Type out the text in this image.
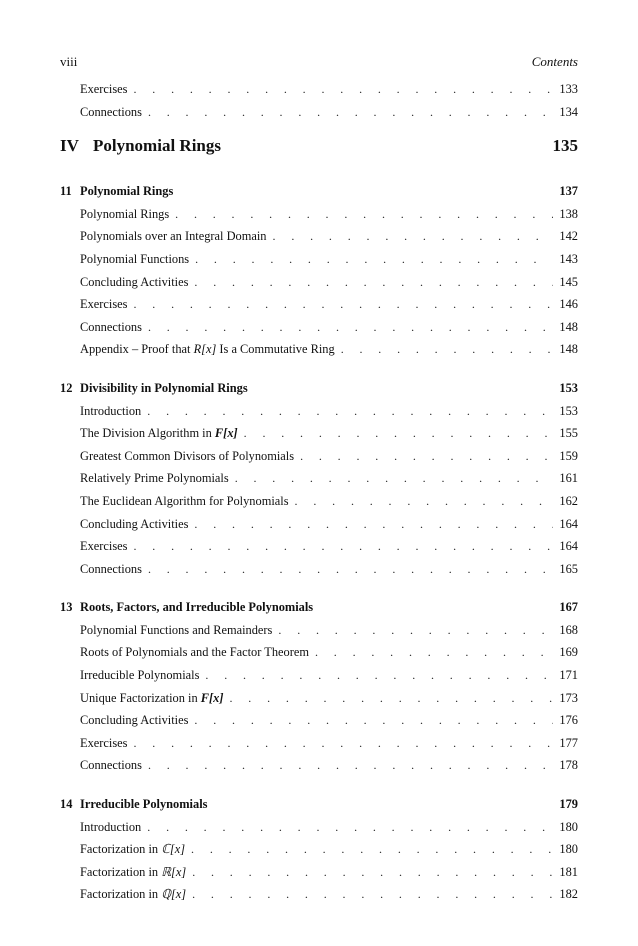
viii	Contents
Exercises . . .	133
Connections . . .	134
IV Polynomial Rings	135
11 Polynomial Rings	137
Polynomial Rings . . .	138
Polynomials over an Integral Domain . . .	142
Polynomial Functions . . .	143
Concluding Activities . . .	145
Exercises . . .	146
Connections . . .	148
Appendix – Proof that R[x] Is a Commutative Ring . . .	148
12 Divisibility in Polynomial Rings	153
Introduction . . .	153
The Division Algorithm in F[x] . . .	155
Greatest Common Divisors of Polynomials . . .	159
Relatively Prime Polynomials . . .	161
The Euclidean Algorithm for Polynomials . . .	162
Concluding Activities . . .	164
Exercises . . .	164
Connections . . .	165
13 Roots, Factors, and Irreducible Polynomials	167
Polynomial Functions and Remainders . . .	168
Roots of Polynomials and the Factor Theorem . . .	169
Irreducible Polynomials . . .	171
Unique Factorization in F[x] . . .	173
Concluding Activities . . .	176
Exercises . . .	177
Connections . . .	178
14 Irreducible Polynomials	179
Introduction . . .	180
Factorization in ℂ[x] . . .	180
Factorization in ℝ[x] . . .	181
Factorization in ℚ[x] . . .	182
